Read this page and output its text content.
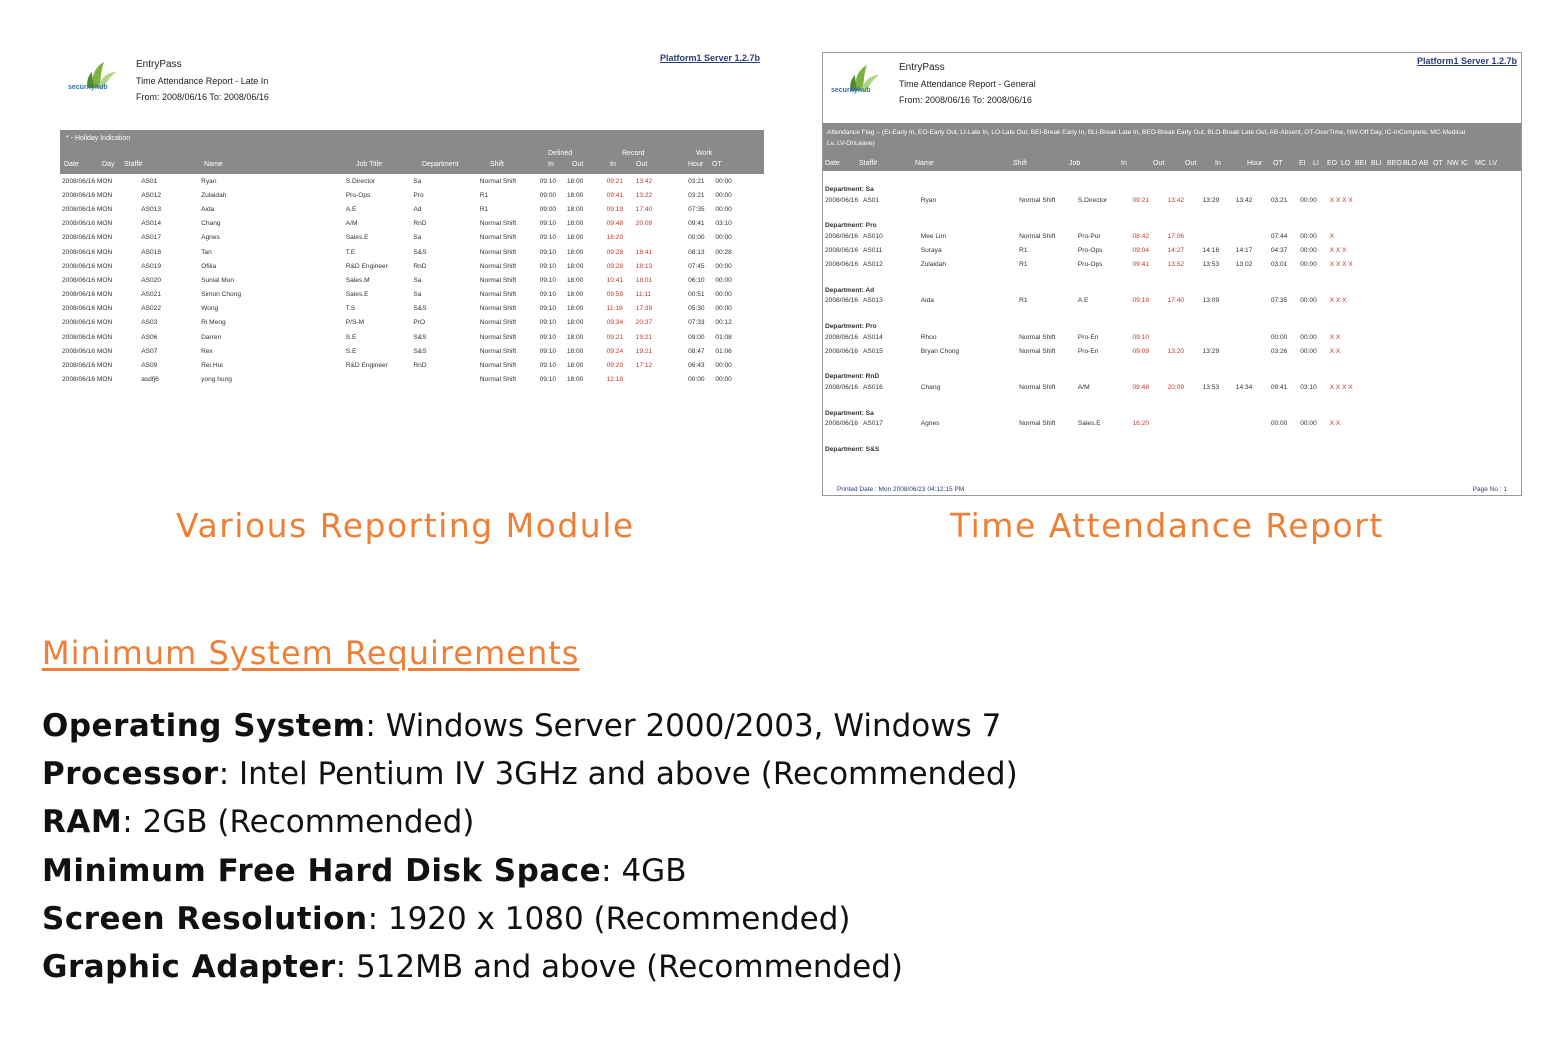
securityhub
EntryPass
Time Attendance Report - Late In
From: 2008/06/16 To: 2008/06/16
Platform1 Server 1.2.7b
* - Holiday Indication
Defined	Record	Work
Date	Day Staff#	Name	Job Title	Department	Shift	In	Out	In	Out	Hour OT
2008/06/16 MON	AS01	Ryan	S.Director	Sa	Normal Shift	09:10	18:00	09:21	13:42	03:21	00:00
2008/06/16 MON	AS012	Zulaidah	Pro-Ops	Pro	R1	09:00	18:00	09:41	13:22	03:21	00:00
2008/06/16 MON	AS013	Aida	A.E	Ad	R1	09:00	18:00	09:19	17:40	07:35	00:00
2008/06/16 MON	AS014	Chang	A/M	RnD	Normal Shift	09:10	18:00	09:48	20:09	09:41	03:10
2008/06/16 MON	AS017	Agnes	Sales.E	Sa	Normal Shift	09:10	18:00	16:20		00:00	00:00
2008/06/16 MON	AS018	Tan	T.E	S&S	Normal Shift	09:10	18:00	09:28	18:41	08:13	00:28
2008/06/16 MON	AS019	Ofilia	R&D Engineer	RnD	Normal Shift	09:10	18:00	09:28	18:13	07:45	00:00
2008/06/16 MON	AS020	Sunial Mun	Sales.M	Sa	Normal Shift	09:10	18:00	10:41	18:01	06:10	00:00
2008/06/16 MON	AS021	Simon Chong	Sales.E	Sa	Normal Shift	09:10	18:00	09:59	11:11	00:51	00:00
2008/06/16 MON	AS022	Wong	T.S	S&S	Normal Shift	09:10	18:00	11:19	17:39	05:30	00:00
2008/06/16 MON	AS03	Ri Meng	P/S-M	PrO	Normal Shift	09:10	18:00	09:34	20:37	07:33	00:12
2008/06/16 MON	AS06	Darren	S.E	S&S	Normal Shift	09:10	18:00	09:21	19:21	09:00	01:08
2008/06/16 MON	AS07	Rex	S.E	S&S	Normal Shift	09:10	18:00	09:24	19:21	08:47	01:06
2008/06/16 MON	AS09	Rei Hui	R&D Engineer	RnD	Normal Shift	09:10	18:00	09:20	17:12	06:43	00:00
2008/06/16 MON	asdfj6	yong hung			Normal Shift	09:10	18:00	12:18		00:00	00:00
securityhub
EntryPass
Time Attendance Report - General
From: 2008/06/16 To: 2008/06/16
Platform1 Server 1.2.7b
Attendance Flag :- (EI-Early In, EO-Early Out, LI-Late In, LO-Late Out, BEI-Break Early In, BLI-Break Late In, BEO-Break Early Out, BLO-Break Late Out, AB-Absent, OT-OverTime, NW-Off Day, IC-InComplete, MC-Medical Lv, LV-OnLeave)
Date	Staff#	Name	Shift	Job	In	Out	Out	In	Hour OT EI LI EO LO BEI BLI BEO BLO AB OT NW IC MC LV
Department: Sa											
2008/06/16	AS01	Ryan	Normal Shift	S.Director	09:21	13:42	13:29	13:42	03:21	00:00	X X X X
Department: Pro											
2008/06/16	AS010	Mee Lim	Normal Shift	Pro-Pur	08:42	17:06			07:44	00:00	X
2008/06/16	AS011	Suraya	R1	Pro-Ops	09:04	14:27	14:16	14:17	04:37	00:00	X X X
2008/06/16	AS012	Zulaidah	R1	Pro-Ops	09:41	13:52	13:53	13:02	03:01	00:00	X X X X
Department: Ad											
2008/06/16	AS013	Aida	R1	A.E	09:19	17:40	13:09		07:35	00:00	X X X
Department: Pro											
2008/06/16	AS014	Rhoo	Normal Shift	Pro-En	09:10				00:00	00:00	X X
2008/06/16	AS015	Bryan Chong	Normal Shift	Pro-En	09:09	13:20	13:29		03:26	00:00	X X
Department: RnD											
2008/06/16	AS016	Chang	Normal Shift	A/M	09:48	20:09	13:53	14:34	09:41	03:10	X X X X
Department: Sa											
2008/06/16	AS017	Agnes	Normal Shift	Sales.E	16:20				00:00	00:00	X X
Department: S&S											
Printed Date : Mon 2008/06/23 04:12:15 PM	Page No : 1
Various Reporting Module	Time Attendance Report
Minimum System Requirements
Operating System: Windows Server 2000/2003, Windows 7
Processor: Intel Pentium IV 3GHz and above (Recommended)
RAM: 2GB (Recommended)
Minimum Free Hard Disk Space: 4GB
Screen Resolution: 1920 x 1080 (Recommended)
Graphic Adapter: 512MB and above (Recommended)
